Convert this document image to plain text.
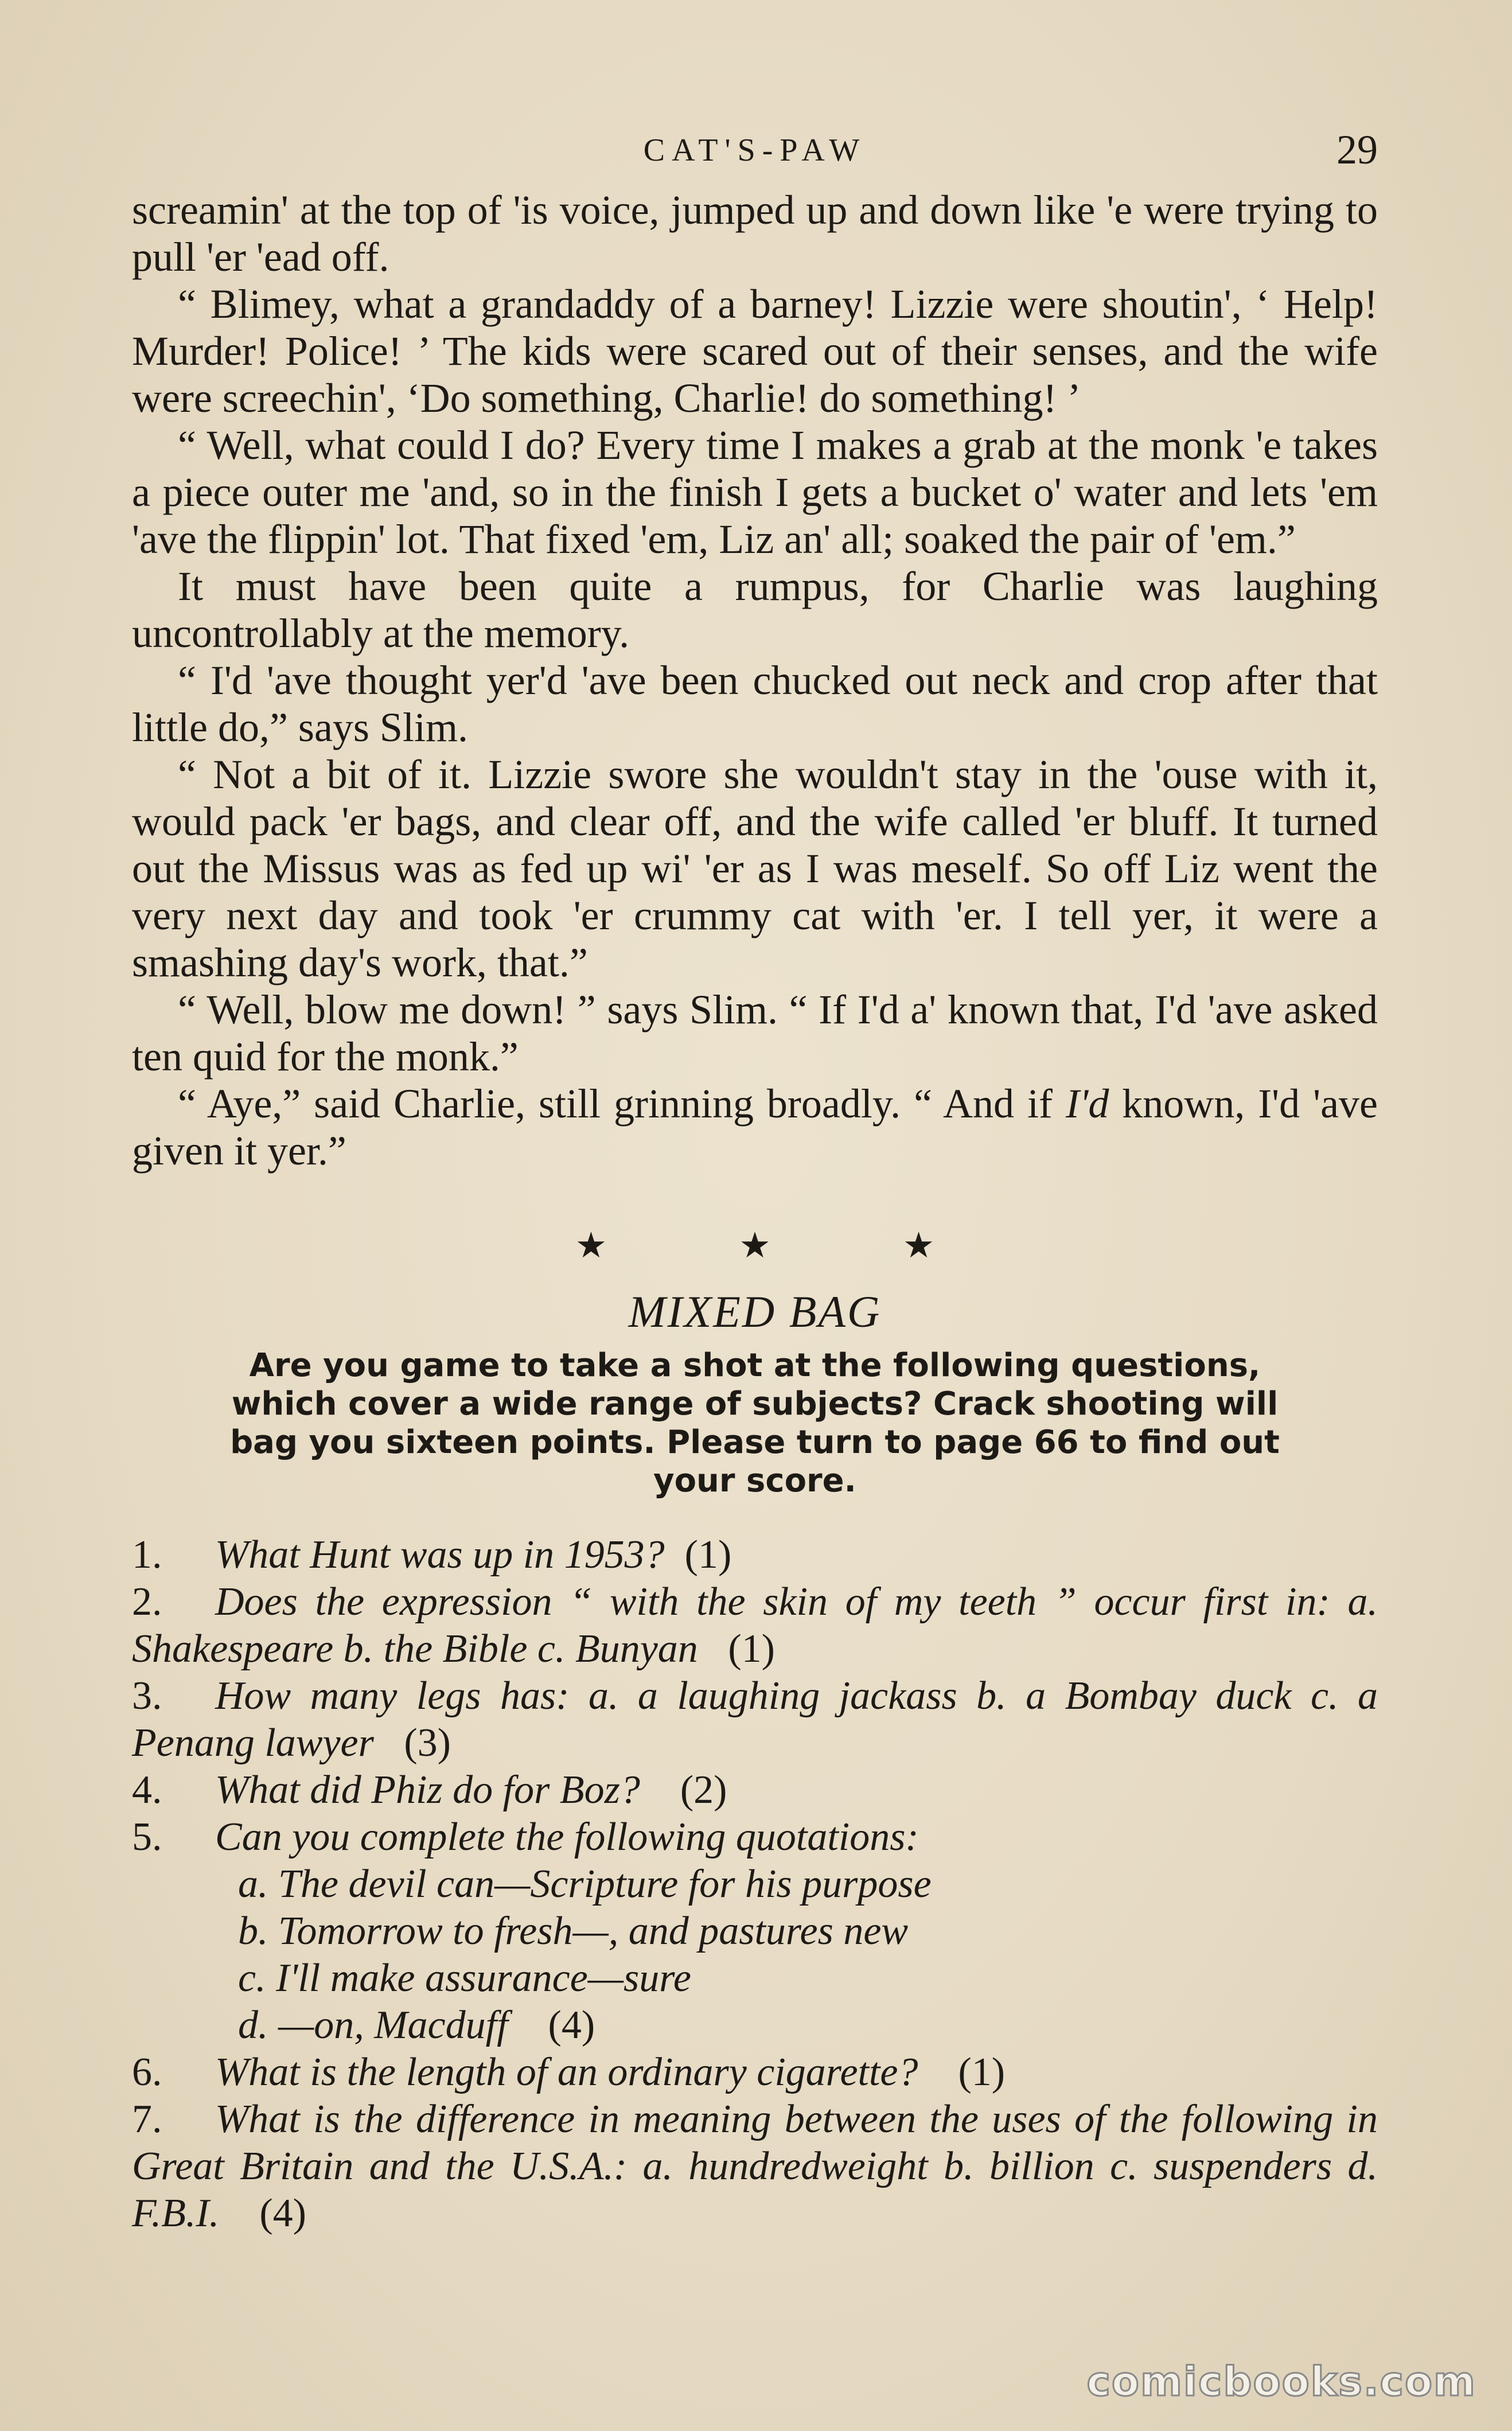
CAT'S-PAW	29

screamin' at the top of 'is voice, jumped up and down like 'e were trying to pull 'er 'ead off.

“ Blimey, what a grandaddy of a barney! Lizzie were shoutin', ‘ Help! Murder! Police! ’ The kids were scared out of their senses, and the wife were screechin', ‘Do something, Charlie! do something! ’

“ Well, what could I do? Every time I makes a grab at the monk 'e takes a piece outer me 'and, so in the finish I gets a bucket o' water and lets 'em 'ave the flippin' lot. That fixed 'em, Liz an' all; soaked the pair of 'em.”

It must have been quite a rumpus, for Charlie was laughing uncontrollably at the memory.

“ I'd 'ave thought yer'd 'ave been chucked out neck and crop after that little do,” says Slim.

“ Not a bit of it. Lizzie swore she wouldn't stay in the 'ouse with it, would pack 'er bags, and clear off, and the wife called 'er bluff. It turned out the Missus was as fed up wi' 'er as I was meself. So off Liz went the very next day and took 'er crummy cat with 'er. I tell yer, it were a smashing day's work, that.”

“ Well, blow me down! ” says Slim. “ If I'd a' known that, I'd 'ave asked ten quid for the monk.”

“ Aye,” said Charlie, still grinning broadly. “ And if I'd known, I'd 'ave given it yer.”

★	★	★
MIXED BAG
Are you game to take a shot at the following questions, which cover a wide range of subjects? Crack shooting will bag you sixteen points. Please turn to page 66 to find out your score.
1.	What Hunt was up in 1953? (1)
2. Does the expression “ with the skin of my teeth ” occur first in: a. Shakespeare b. the Bible c. Bunyan (1)
3. How many legs has: a. a laughing jackass b. a Bombay duck c. a Penang lawyer (3)
4.	What did Phiz do for Boz? (2)
5.	Can you complete the following quotations:
a. The devil can—Scripture for his purpose
b. Tomorrow to fresh—, and pastures new
c. I'll make assurance—sure
d. —on, Macduff (4)
6.	What is the length of an ordinary cigarette? (1)
7. What is the difference in meaning between the uses of the following in Great Britain and the U.S.A.: a. hundredweight b. billion c. suspenders d. F.B.I. (4)
comicbooks.com
